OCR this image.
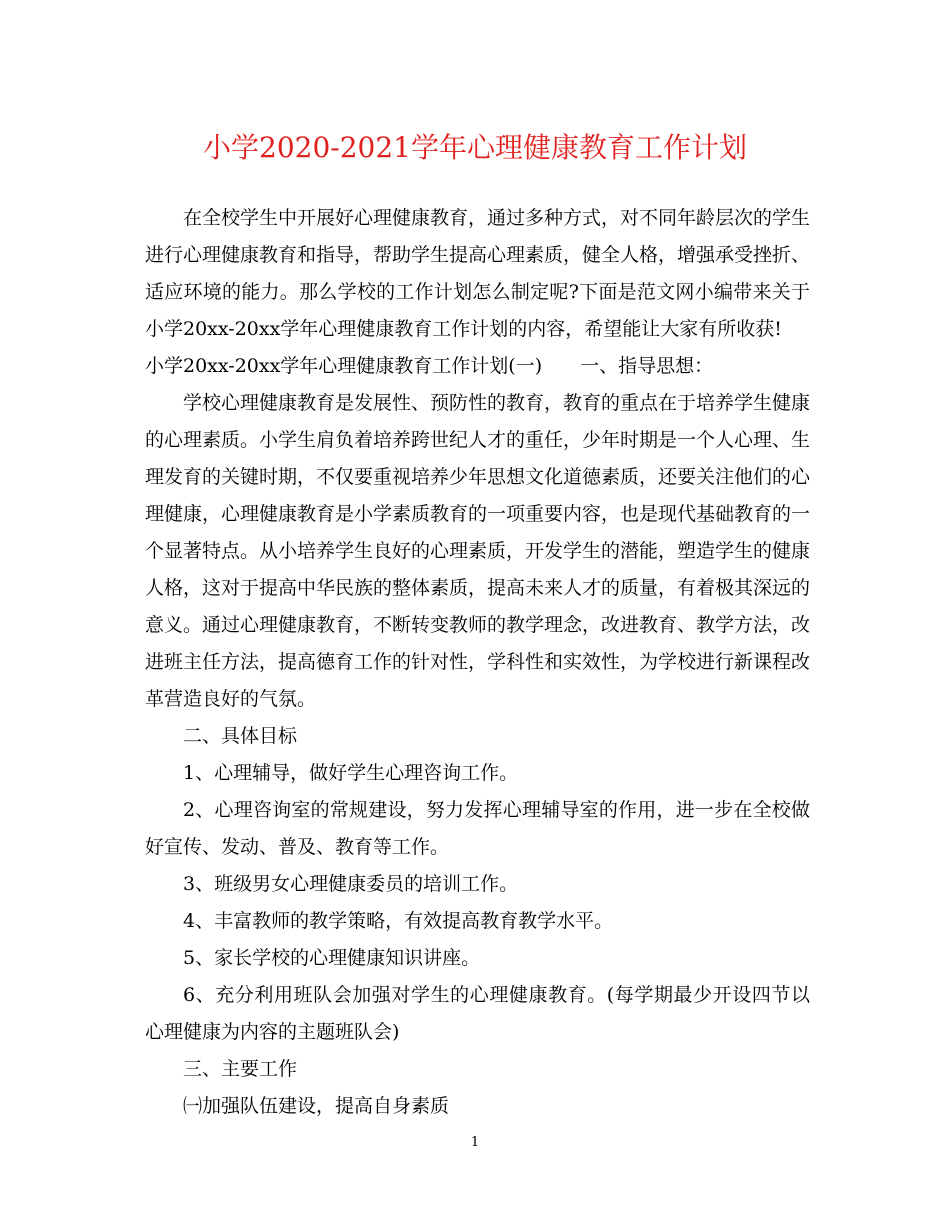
小学2020-2021学年心理健康教育工作计划

在全校学生中开展好心理健康教育，通过多种方式，对不同年龄层次的学生进行心理健康教育和指导，帮助学生提高心理素质，健全人格，增强承受挫折、适应环境的能力。那么学校的工作计划怎么制定呢?下面是范文网小编带来关于小学20xx-20xx学年心理健康教育工作计划的内容，希望能让大家有所收获!

小学20xx-20xx学年心理健康教育工作计划(一)　　一、指导思想：

学校心理健康教育是发展性、预防性的教育，教育的重点在于培养学生健康的心理素质。小学生肩负着培养跨世纪人才的重任，少年时期是一个人心理、生理发育的关键时期，不仅要重视培养少年思想文化道德素质，还要关注他们的心理健康，心理健康教育是小学素质教育的一项重要内容，也是现代基础教育的一个显著特点。从小培养学生良好的心理素质，开发学生的潜能，塑造学生的健康人格，这对于提高中华民族的整体素质，提高未来人才的质量，有着极其深远的意义。通过心理健康教育，不断转变教师的教学理念，改进教育、教学方法，改进班主任方法，提高德育工作的针对性，学科性和实效性，为学校进行新课程改革营造良好的气氛。

二、具体目标

1、心理辅导，做好学生心理咨询工作。

2、心理咨询室的常规建设，努力发挥心理辅导室的作用，进一步在全校做好宣传、发动、普及、教育等工作。

3、班级男女心理健康委员的培训工作。

4、丰富教师的教学策略，有效提高教育教学水平。

5、家长学校的心理健康知识讲座。

6、充分利用班队会加强对学生的心理健康教育。(每学期最少开设四节以心理健康为内容的主题班队会)

三、主要工作

㈠加强队伍建设，提高自身素质

1
